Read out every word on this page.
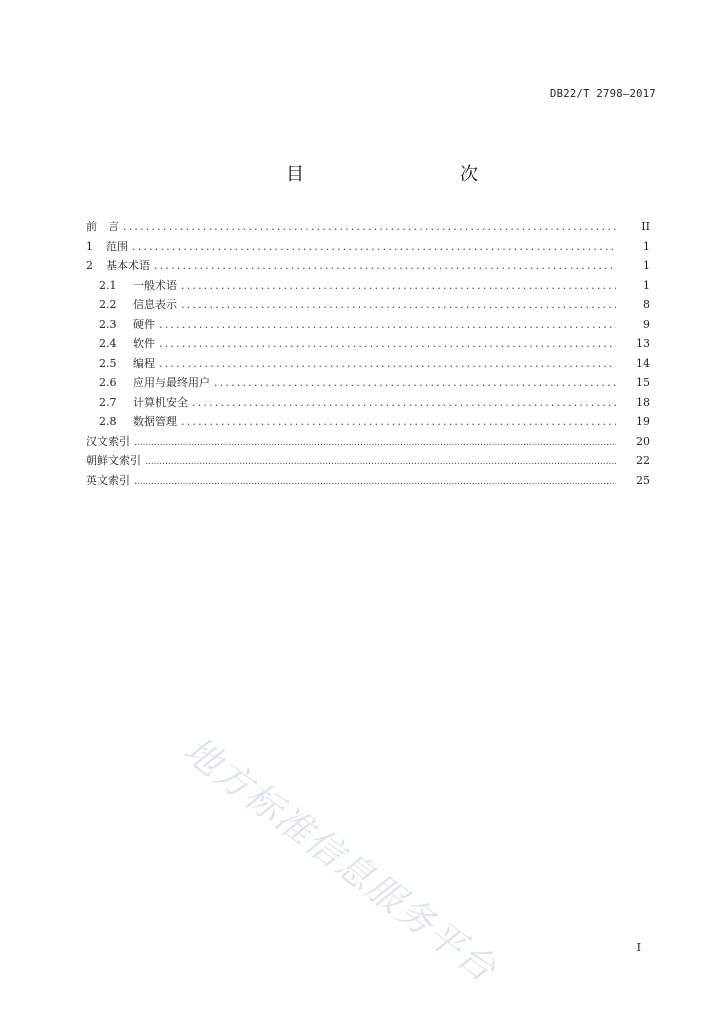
DB22/T 2798—2017
目　　次
前　言 .....	II
1	范围 .....	1
2	基本术语 .....	1
2.1	一般术语 .....	1
2.2	信息表示 .....	8
2.3	硬件 .....	9
2.4	软件 .....	13
2.5	编程 .....	14
2.6	应用与最终用户 .....	15
2.7	计算机安全 .....	18
2.8	数据管理 .....	19
汉文索引 .....	20
朝鲜文索引 .....	22
英文索引 .....	25
地方标准信息服务平台	I
